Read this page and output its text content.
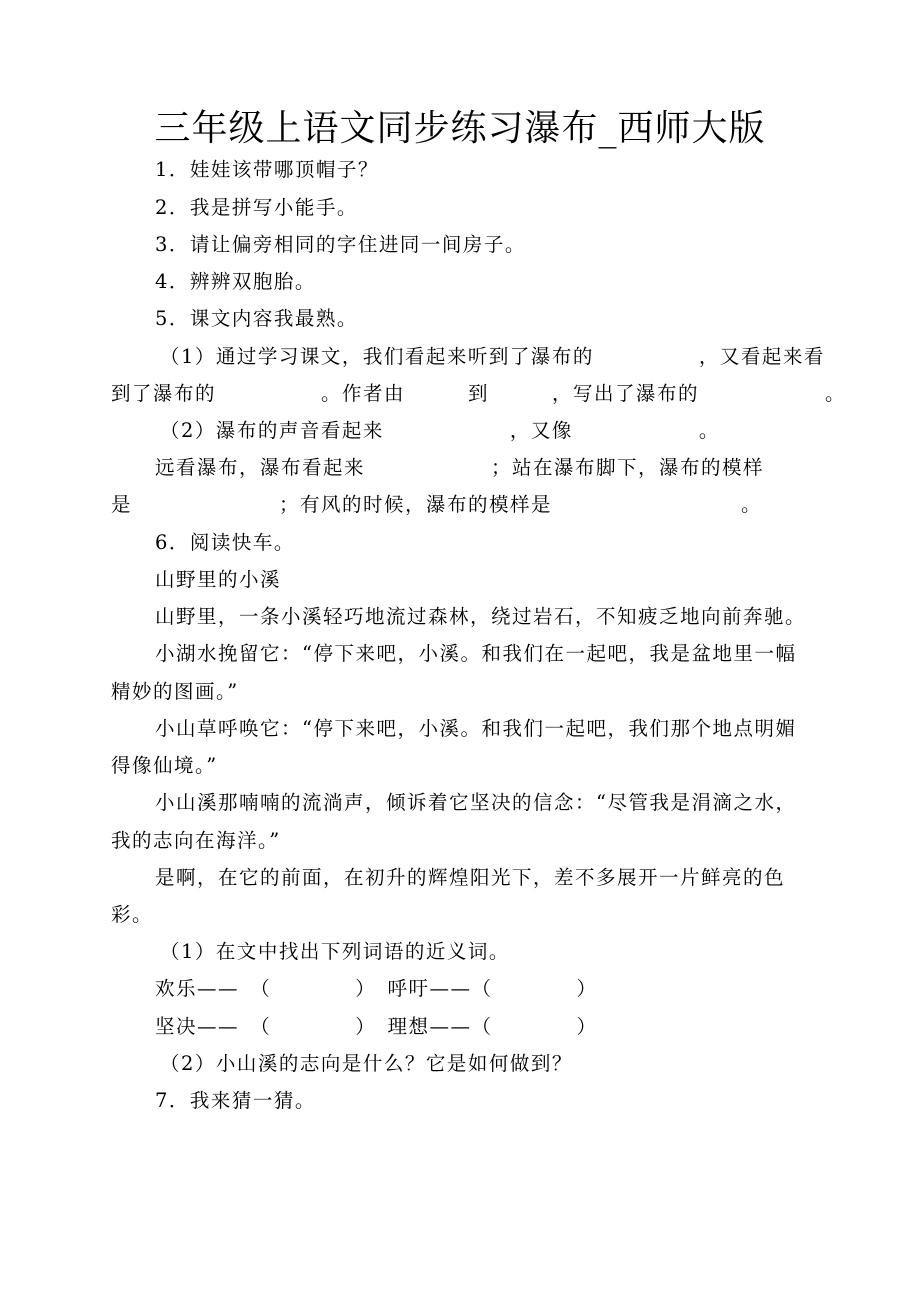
三年级上语文同步练习瀑布_西师大版
1．娃娃该带哪顶帽子？
2．我是拼写小能手。
3．请让偏旁相同的字住进同一间房子。
4．辨辨双胞胎。
5．课文内容我最熟。
（1）通过学习课文，我们看起来听到了瀑布的　　　　　，又看起来看
到了瀑布的　　　　　。作者由　　　到　　　，写出了瀑布的　　　　　　。
（2）瀑布的声音看起来　　　　　　，又像　　　　　　。
远看瀑布，瀑布看起来　　　　　　；站在瀑布脚下，瀑布的模样
是　　　　　　　；有风的时候，瀑布的模样是　　　　　　　　　。
6．阅读快车。
山野里的小溪
山野里，一条小溪轻巧地流过森林，绕过岩石，不知疲乏地向前奔驰。
小湖水挽留它：“停下来吧，小溪。和我们在一起吧，我是盆地里一幅
精妙的图画。”
小山草呼唤它：“停下来吧，小溪。和我们一起吧，我们那个地点明媚
得像仙境。”
小山溪那喃喃的流淌声，倾诉着它坚决的信念：“尽管我是涓滴之水，
我的志向在海洋。”
是啊，在它的前面，在初升的辉煌阳光下，差不多展开一片鲜亮的色
彩。
（1）在文中找出下列词语的近义词。
欢乐——　（　　　　）　呼吁——（　　　　）
坚决——　（　　　　）　理想——（　　　　）
（2）小山溪的志向是什么？它是如何做到？
7．我来猜一猜。
